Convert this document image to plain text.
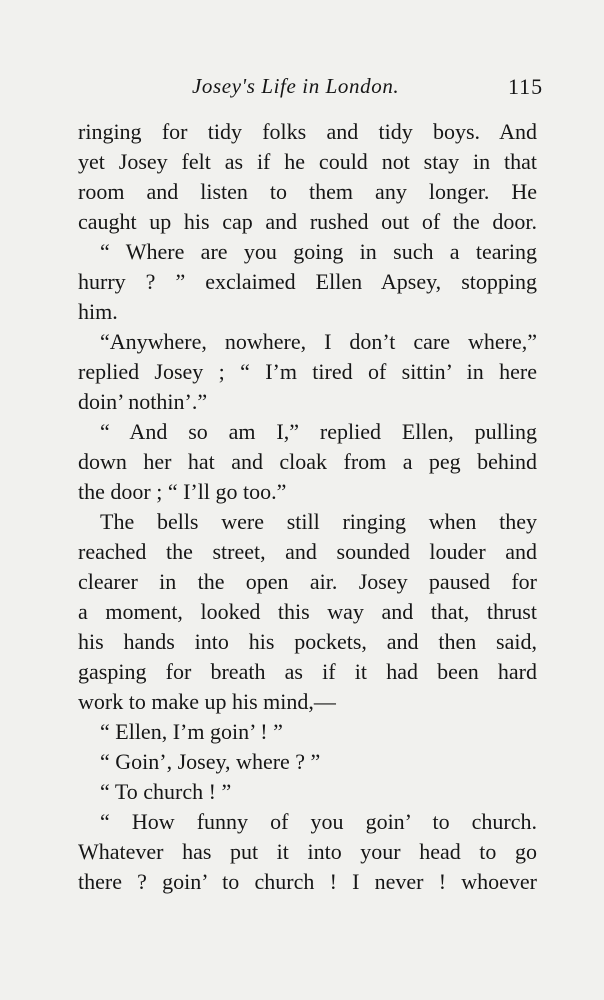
Josey's Life in London.	115
ringing for tidy folks and tidy boys. And
yet Josey felt as if he could not stay in that
room and listen to them any longer. He
caught up his cap and rushed out of the door.
“ Where are you going in such a tearing
hurry ? ” exclaimed Ellen Apsey, stopping
him.
“Anywhere, nowhere, I don’t care where,”
replied Josey ; “ I’m tired of sittin’ in here
doin’ nothin’.”
“ And so am I,” replied Ellen, pulling
down her hat and cloak from a peg behind
the door ; “ I’ll go too.”
The bells were still ringing when they
reached the street, and sounded louder and
clearer in the open air. Josey paused for
a moment, looked this way and that, thrust
his hands into his pockets, and then said,
gasping for breath as if it had been hard
work to make up his mind,—
“ Ellen, I’m goin’ ! ”
“ Goin’, Josey, where ? ”
“ To church ! ”
“ How funny of you goin’ to church.
Whatever has put it into your head to go
there ? goin’ to church ! I never ! whoever
